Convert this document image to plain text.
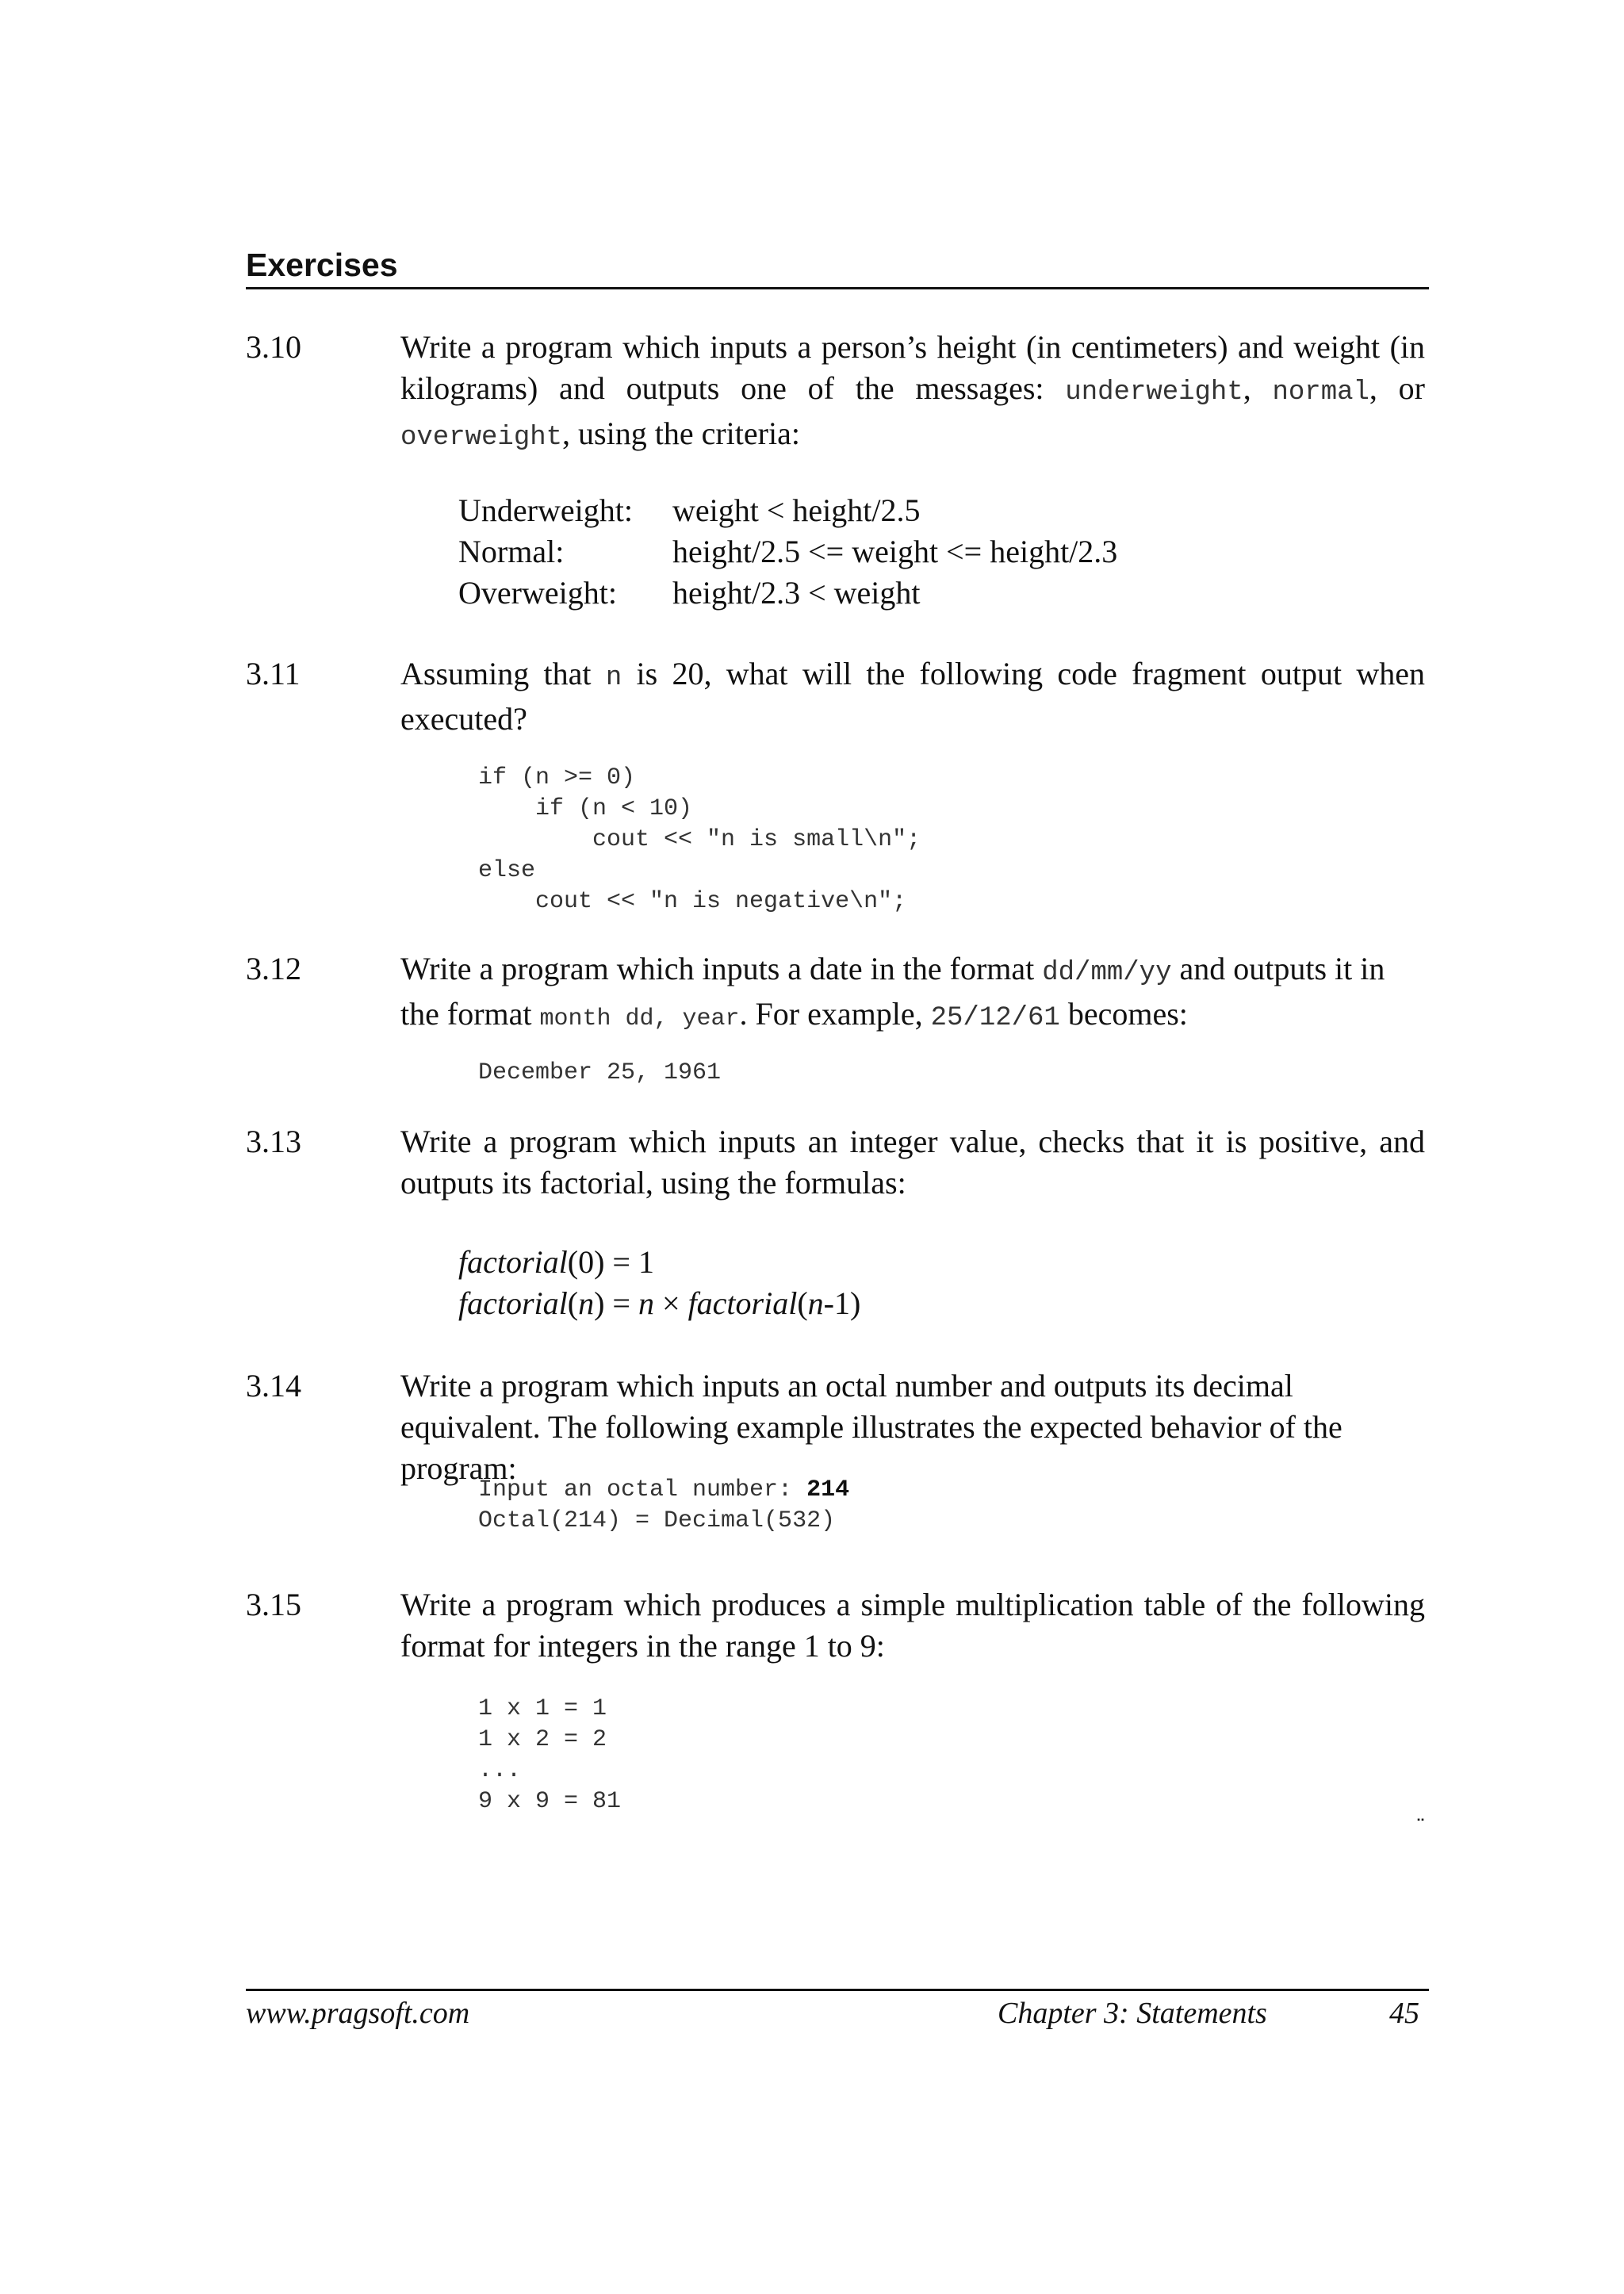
Exercises
3.10	Write a program which inputs a person’s height (in centimeters) and weight (in kilograms) and outputs one of the messages: underweight, normal, or overweight, using the criteria:

Underweight: weight < height/2.5
Normal:	height/2.5 <= weight <= height/2.3
Overweight: height/2.3 < weight
3.11	Assuming that n is 20, what will the following code fragment output when executed?

if (n >= 0)
if (n < 10)
cout << "n is small\n";
else
cout << "n is negative\n";
3.12	Write a program which inputs a date in the format dd/mm/yy and outputs it in the format month dd, year. For example, 25/12/61 becomes:

December 25, 1961
3.13	Write a program which inputs an integer value, checks that it is positive, and outputs its factorial, using the formulas:

factorial(0) = 1
factorial(n) = n × factorial(n-1)
3.14	Write a program which inputs an octal number and outputs its decimal equivalent. The following example illustrates the expected behavior of the program:

Input an octal number: 214
Octal(214) = Decimal(532)
3.15	Write a program which produces a simple multiplication table of the following format for integers in the range 1 to 9:

1 x 1 = 1
1 x 2 = 2
...
9 x 9 = 81
¨
www.pragsoft.com	Chapter 3: Statements	45
